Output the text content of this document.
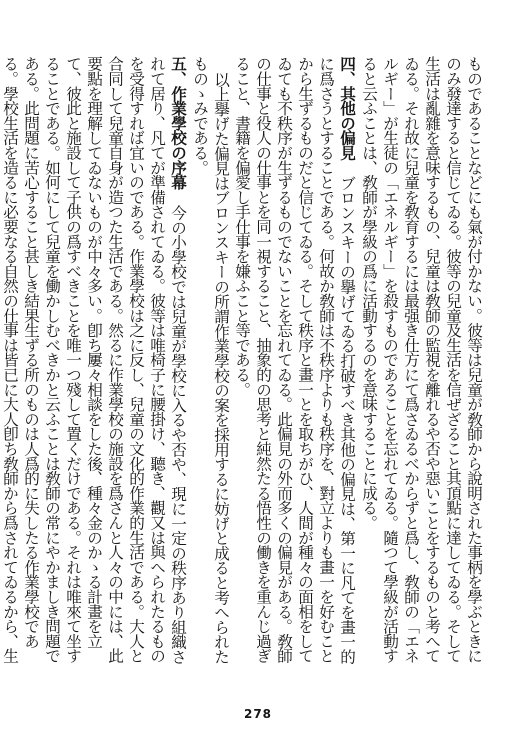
ものであることなどにも氣が付かない。彼等は兒童が敎師から說明された事柄を學ぶときにのみ發達すると信じてゐる。彼等の兒童及生活を信ぜざること其頂點に達してゐる。そして生活は亂雜を意味するもの、兒童は敎師の監視を離れるや否や惡いことをするものと考へてゐる。それ故に兒童を敎育するには最强き仕方にて爲さゐるべからずと爲し、敎師の「エネルギー」が生徒の「エネルギー」を殺すものであることを忘れてゐる。隨つて學級が活動すると云ふことは、敎師が學級の爲に活動するのを意味することに成る。

四、其他の偏見ブロンスキーの擧げてゐる打破すべき其他の偏見は、第一に凡てを畫一的に爲さうとすることである。何故か敎師は不秩序よりも秩序を、對立よりも畫一を好むことから生ずるものだと信じてゐる。そして秩序と畫一とを取ちがひ、人間が種々の面相をしてゐても不秩序が生ずるものでないことを忘れてゐる。此偏見の外而多くの偏見がある。敎師の仕事と役人の仕事とを同一視すること、抽象的の思考と純然たる悟性の働きを重んじ過ぎること、書籍を偏愛し手仕事を嫌ふこと等である。

以上擧げた偏見はブロンスキーの所謂作業學校の案を採用するに妨げと成ると考へられたものゝみである。

五、作業學校の序幕今の小學校では兒童が學校に入るや否や、現に一定の秩序あり組織されて居り、凡てが準備されてゐる。彼等は唯椅子に腰掛け、聽き、觀又は與へられたるものを受得すれば宜いのである。作業學校は之に反し、兒童の文化的作業的生活である。大人と合同して兒童自身が造つた生活である。然るに作業學校の施設を爲さんと人々の中には、此要點を理解してゐないものが中々多い。卽ち屢々相談をした後、種々金のかゝる計畫を立て、彼此と施設して子供の爲すべきことを唯一つ殘して置くだけである。それは唯來て坐することである。如何にして兒童を働かしむべきかと云ふことは敎師の常にやかましき問題である。此問題に苦心すること甚しき結果生ずる所のものは人爲的に失したる作業學校である。學校生活を造るに必要なる自然の仕事は皆已に大人卽ち敎師から爲されてゐるから、生

278
